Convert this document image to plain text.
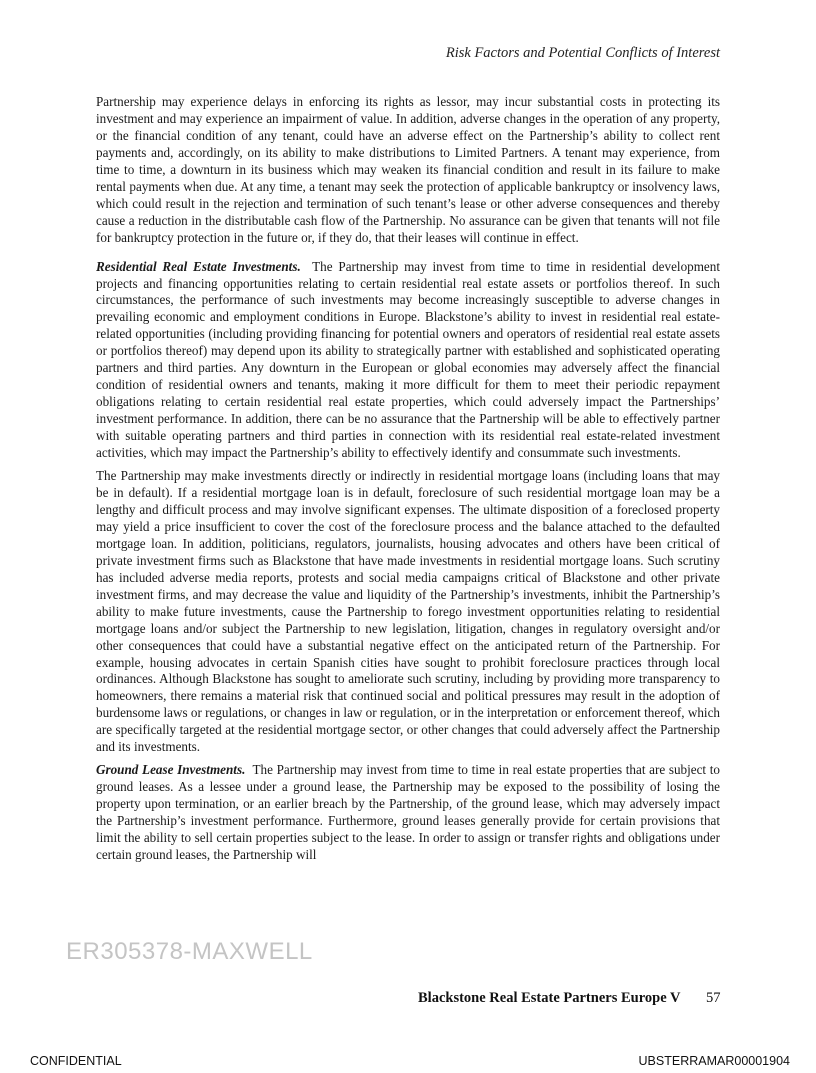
Risk Factors and Potential Conflicts of Interest

Partnership may experience delays in enforcing its rights as lessor, may incur substantial costs in protecting its investment and may experience an impairment of value. In addition, adverse changes in the operation of any property, or the financial condition of any tenant, could have an adverse effect on the Partnership’s ability to collect rent payments and, accordingly, on its ability to make distributions to Limited Partners. A tenant may experience, from time to time, a downturn in its business which may weaken its financial condition and result in its failure to make rental payments when due. At any time, a tenant may seek the protection of applicable bankruptcy or insolvency laws, which could result in the rejection and termination of such tenant’s lease or other adverse consequences and thereby cause a reduction in the distributable cash flow of the Partnership. No assurance can be given that tenants will not file for bankruptcy protection in the future or, if they do, that their leases will continue in effect.

Residential Real Estate Investments. The Partnership may invest from time to time in residential development projects and financing opportunities relating to certain residential real estate assets or portfolios thereof. In such circumstances, the performance of such investments may become increasingly susceptible to adverse changes in prevailing economic and employment conditions in Europe. Blackstone’s ability to invest in residential real estate-related opportunities (including providing financing for potential owners and operators of residential real estate assets or portfolios thereof) may depend upon its ability to strategically partner with established and sophisticated operating partners and third parties. Any downturn in the European or global economies may adversely affect the financial condition of residential owners and tenants, making it more difficult for them to meet their periodic repayment obligations relating to certain residential real estate properties, which could adversely impact the Partnerships’ investment performance. In addition, there can be no assurance that the Partnership will be able to effectively partner with suitable operating partners and third parties in connection with its residential real estate-related investment activities, which may impact the Partnership’s ability to effectively identify and consummate such investments.

The Partnership may make investments directly or indirectly in residential mortgage loans (including loans that may be in default). If a residential mortgage loan is in default, foreclosure of such residential mortgage loan may be a lengthy and difficult process and may involve significant expenses. The ultimate disposition of a foreclosed property may yield a price insufficient to cover the cost of the foreclosure process and the balance attached to the defaulted mortgage loan. In addition, politicians, regulators, journalists, housing advocates and others have been critical of private investment firms such as Blackstone that have made investments in residential mortgage loans. Such scrutiny has included adverse media reports, protests and social media campaigns critical of Blackstone and other private investment firms, and may decrease the value and liquidity of the Partnership’s investments, inhibit the Partnership’s ability to make future investments, cause the Partnership to forego investment opportunities relating to residential mortgage loans and/or subject the Partnership to new legislation, litigation, changes in regulatory oversight and/or other consequences that could have a substantial negative effect on the anticipated return of the Partnership. For example, housing advocates in certain Spanish cities have sought to prohibit foreclosure practices through local ordinances. Although Blackstone has sought to ameliorate such scrutiny, including by providing more transparency to homeowners, there remains a material risk that continued social and political pressures may result in the adoption of burdensome laws or regulations, or changes in law or regulation, or in the interpretation or enforcement thereof, which are specifically targeted at the residential mortgage sector, or other changes that could adversely affect the Partnership and its investments.

Ground Lease Investments. The Partnership may invest from time to time in real estate properties that are subject to ground leases. As a lessee under a ground lease, the Partnership may be exposed to the possibility of losing the property upon termination, or an earlier breach by the Partnership, of the ground lease, which may adversely impact the Partnership’s investment performance. Furthermore, ground leases generally provide for certain provisions that limit the ability to sell certain properties subject to the lease. In order to assign or transfer rights and obligations under certain ground leases, the Partnership will

ER305378-MAXWELL
Blackstone Real Estate Partners Europe V 57
CONFIDENTIAL	UBSTERRAMAR00001904
